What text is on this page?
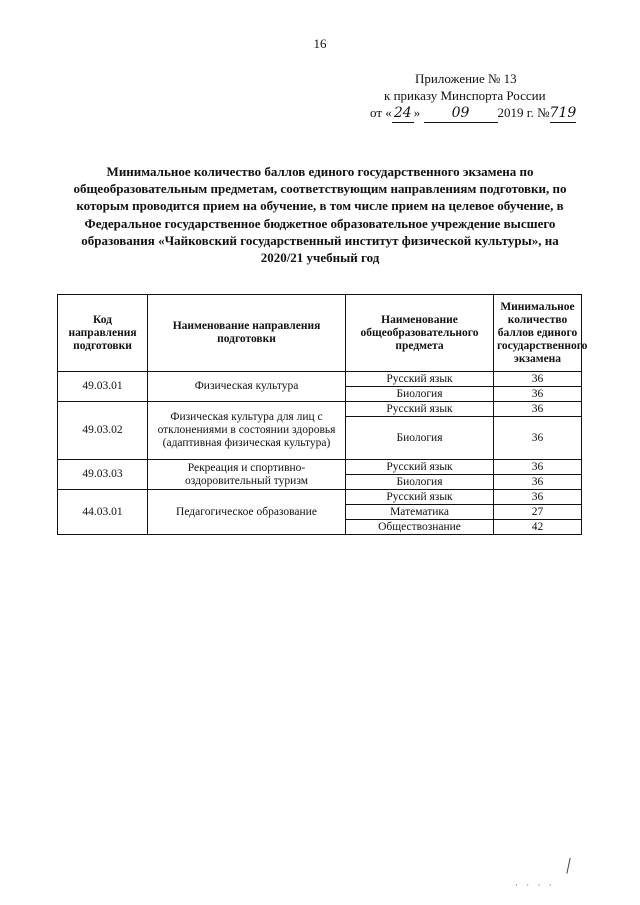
16
Приложение № 13
к приказу Минспорта России
от « 24 » 09 2019 г. №719
Минимальное количество баллов единого государственного экзамена по общеобразовательным предметам, соответствующим направлениям подготовки, по которым проводится прием на обучение, в том числе прием на целевое обучение, в Федеральное государственное бюджетное образовательное учреждение высшего образования «Чайковский государственный институт физической культуры», на 2020/21 учебный год
Код направления подготовки	Наименование направления подготовки	Наименование общеобразовательного предмета	Минимальное количество баллов единого государственного экзамена
49.03.01	Физическая культура	Русский язык	36
		Биология	36
49.03.02	Физическая культура для лиц с отклонениями в состоянии здоровья (адаптивная физическая культура)	Русский язык	36
		Биология	36
49.03.03	Рекреация и спортивно-оздоровительный туризм	Русский язык	36
		Биология	36
44.03.01	Педагогическое образование	Русский язык	36
		Математика	27
		Обществознание	42
· · · ·
